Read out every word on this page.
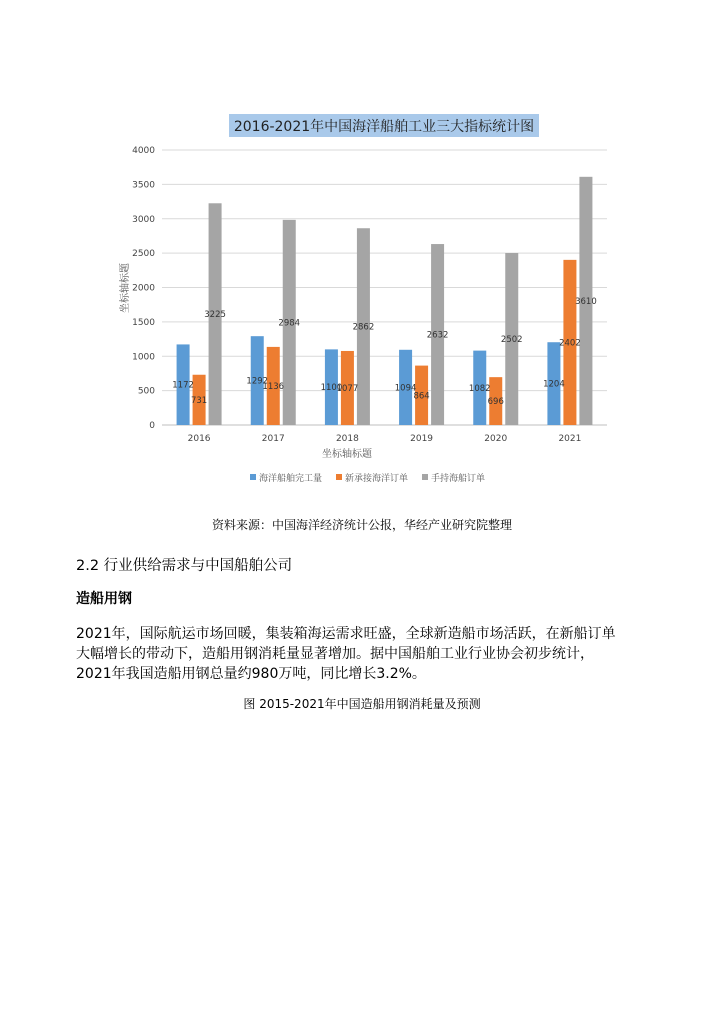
2016-2021年中国海洋船舶工业三大指标统计图
0
500
1000
1500
2000
2500
3000
3500
4000
2016
1172
731
3225
2017
1292
1136
2984
2018
1100
1077
2862
2019
1094
864
2632
2020
1082
696
2502
2021
1204
2402
3610
坐标轴标题
坐标轴标题
海洋船舶完工量	新承接海洋订单	手持海船订单
资料来源：中国海洋经济统计公报，华经产业研究院整理
2.2 行业供给需求与中国船舶公司
造船用钢
2021年，国际航运市场回暖，集装箱海运需求旺盛，全球新造船市场活跃，在新船订单
大幅增长的带动下，造船用钢消耗量显著增加。据中国船舶工业行业协会初步统计，
2021年我国造船用钢总量约980万吨，同比增长3.2%。
图 2015-2021年中国造船用钢消耗量及预测
